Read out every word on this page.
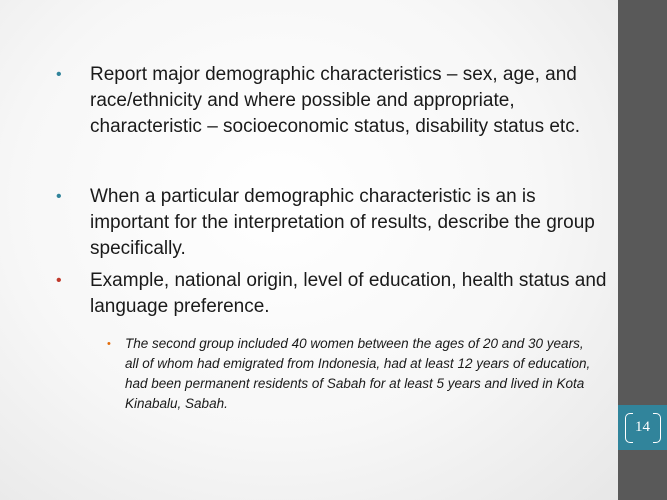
• Report major demographic characteristics – sex, age, and race/ethnicity and where possible and appropriate, characteristic – socioeconomic status, disability status etc.
• When a particular demographic characteristic is an is important for the interpretation of results, describe the group specifically.
• Example, national origin, level of education, health status and language preference.
• The second group included 40 women between the ages of 20 and 30 years, all of whom had emigrated from Indonesia, had at least 12 years of education, had been permanent residents of Sabah for at least 5 years and lived in Kota Kinabalu, Sabah.
14
